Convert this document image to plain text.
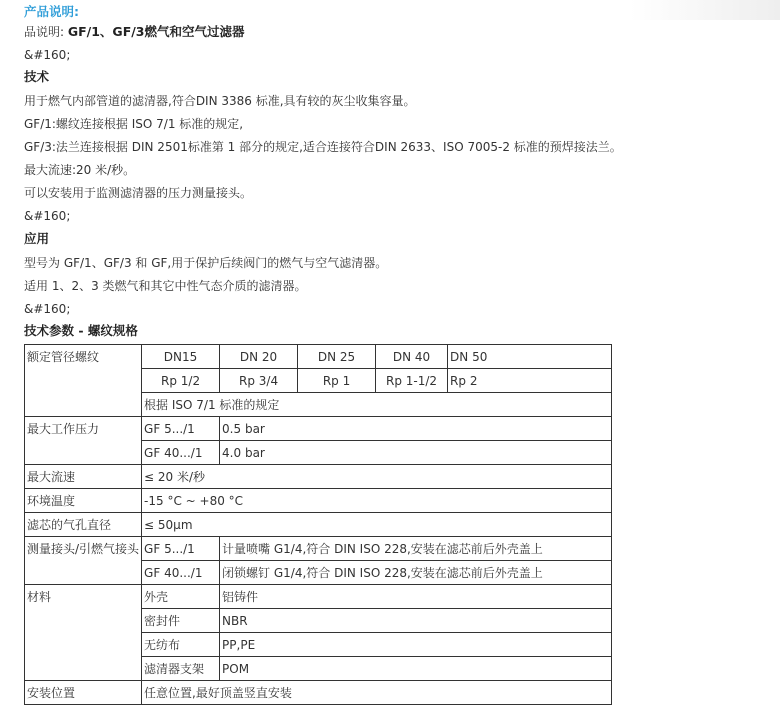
产品说明:
品说明: GF/1、GF/3燃气和空气过滤器
&#160;
技术
用于燃气内部管道的滤清器,符合DIN 3386 标准,具有较的灰尘收集容量。
GF/1:螺纹连接根据 ISO 7/1 标准的规定,
GF/3:法兰连接根据 DIN 2501标准第 1 部分的规定,适合连接符合DIN 2633、ISO 7005-2 标准的预焊接法兰。
最大流速:20 米/秒。
可以安装用于监测滤清器的压力测量接头。
&#160;
应用
型号为 GF/1、GF/3 和 GF,用于保护后续阀门的燃气与空气滤清器。
适用 1、2、3 类燃气和其它中性气态介质的滤清器。
&#160;
技术参数 - 螺纹规格
额定管径螺纹	DN15	DN 20	DN 25	DN 40	DN 50
	Rp 1/2	Rp 3/4	Rp 1	Rp 1-1/2	Rp 2
	根据 ISO 7/1 标准的规定				
最大工作压力	GF 5.../1	0.5 bar			
	GF 40.../1	4.0 bar			
最大流速	≤ 20 米/秒				
环境温度	-15 °C ~ +80 °C				
滤芯的气孔直径	≤ 50μm				
测量接头/引燃气接头	GF 5.../1	计量喷嘴 G1/4,符合 DIN ISO 228,安装在滤芯前后外壳盖上			
	GF 40.../1	闭锁螺钉 G1/4,符合 DIN ISO 228,安装在滤芯前后外壳盖上			
材料	外壳	铝铸件			
	密封件	NBR			
	无纺布	PP,PE			
	滤清器支架	POM			
安装位置	任意位置,最好顶盖竖直安装				
